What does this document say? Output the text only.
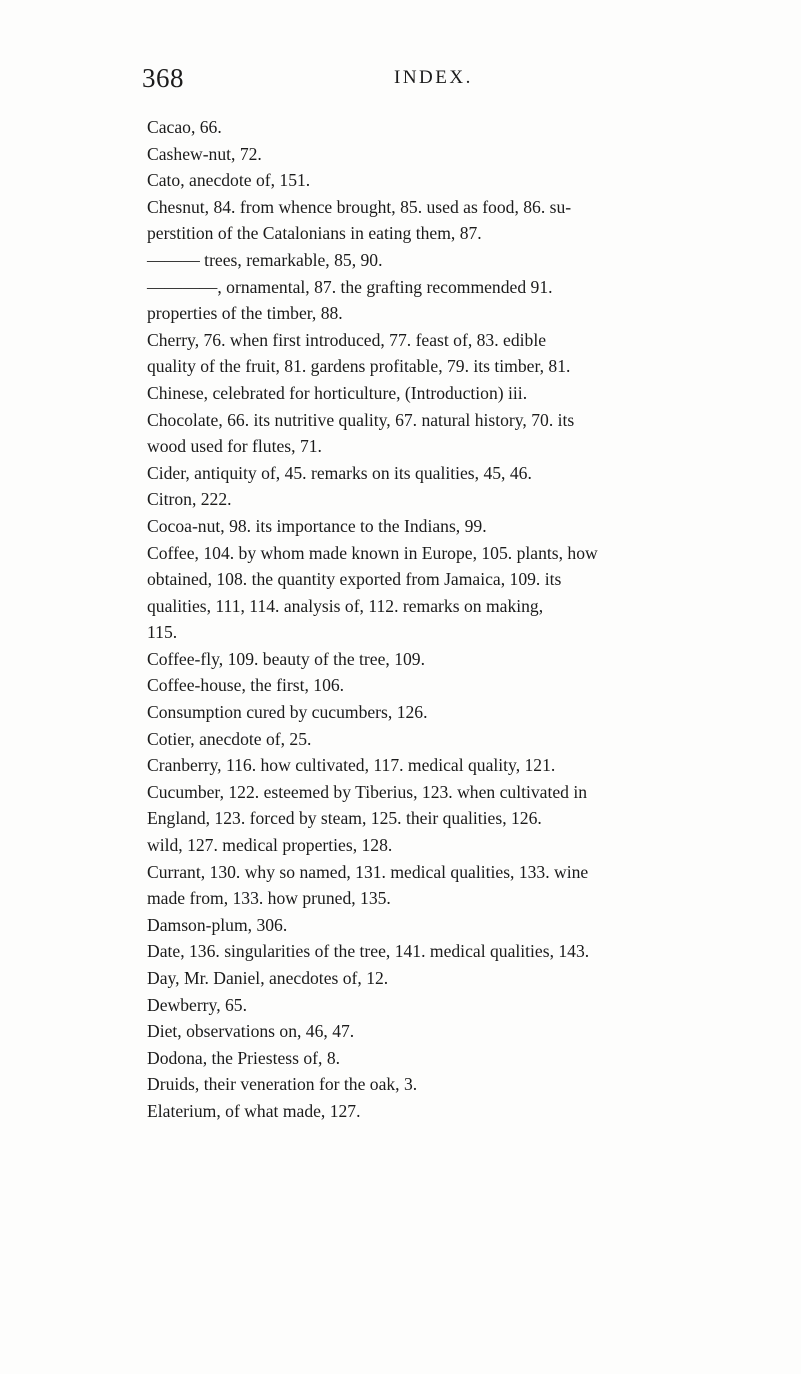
368	INDEX.
Cacao, 66.
Cashew-nut, 72.
Cato, anecdote of, 151.
Chesnut, 84. from whence brought, 85. used as food, 86. su-
perstition of the Catalonians in eating them, 87.
——— trees, remarkable, 85, 90.
————, ornamental, 87. the grafting recommended 91.
properties of the timber, 88.
Cherry, 76. when first introduced, 77. feast of, 83. edible
quality of the fruit, 81. gardens profitable, 79. its timber, 81.
Chinese, celebrated for horticulture, (Introduction) iii.
Chocolate, 66. its nutritive quality, 67. natural history, 70. its
wood used for flutes, 71.
Cider, antiquity of, 45. remarks on its qualities, 45, 46.
Citron, 222.
Cocoa-nut, 98. its importance to the Indians, 99.
Coffee, 104. by whom made known in Europe, 105. plants, how
obtained, 108. the quantity exported from Jamaica, 109. its
qualities, 111, 114. analysis of, 112. remarks on making,
115.
Coffee-fly, 109. beauty of the tree, 109.
Coffee-house, the first, 106.
Consumption cured by cucumbers, 126.
Cotier, anecdote of, 25.
Cranberry, 116. how cultivated, 117. medical quality, 121.
Cucumber, 122. esteemed by Tiberius, 123. when cultivated in
England, 123. forced by steam, 125. their qualities, 126.
wild, 127. medical properties, 128.
Currant, 130. why so named, 131. medical qualities, 133. wine
made from, 133. how pruned, 135.
Damson-plum, 306.
Date, 136. singularities of the tree, 141. medical qualities, 143.
Day, Mr. Daniel, anecdotes of, 12.
Dewberry, 65.
Diet, observations on, 46, 47.
Dodona, the Priestess of, 8.
Druids, their veneration for the oak, 3.
Elaterium, of what made, 127.
